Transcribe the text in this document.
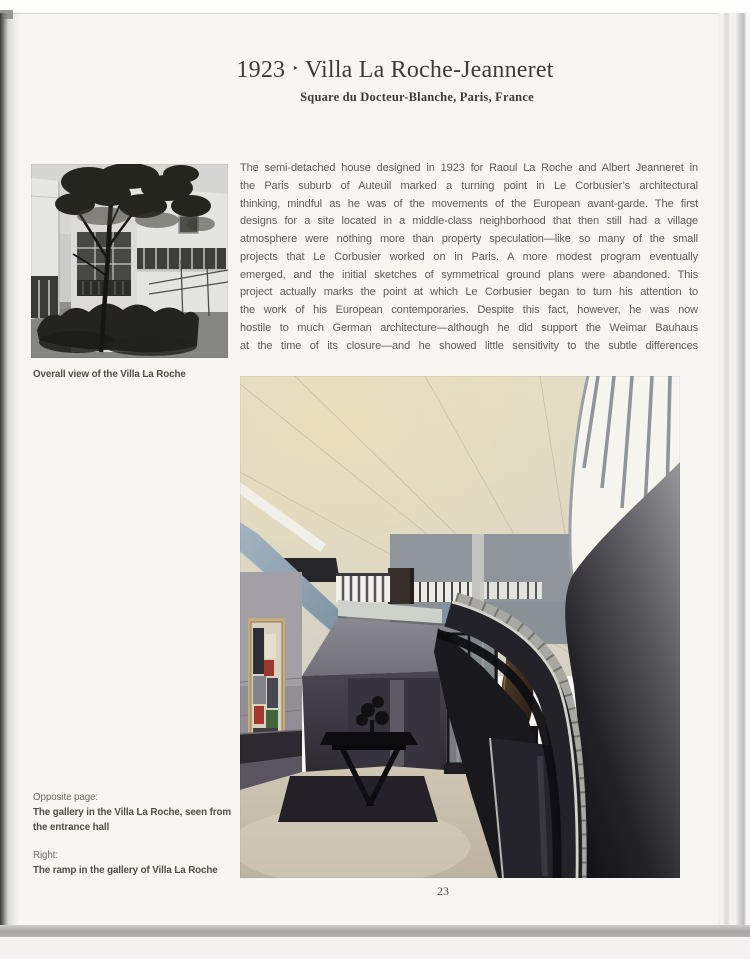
1923 ‣ Villa La Roche-Jeanneret
Square du Docteur-Blanche, Paris, France
The semi-detached house designed in 1923 for Raoul La Roche and Albert Jeanneret in
the Paris suburb of Auteuil marked a turning point in Le Corbusier’s architectural
thinking, mindful as he was of the movements of the European avant-garde. The first
designs for a site located in a middle-class neighborhood that then still had a village
atmosphere were nothing more than property speculation—like so many of the small
projects that Le Corbusier worked on in Paris. A more modest program eventually
emerged, and the initial sketches of symmetrical ground plans were abandoned. This
project actually marks the point at which Le Corbusier began to turn his attention to
the work of his European contemporaries. Despite this fact, however, he was now
hostile to much German architecture—although he did support the Weimar Bauhaus
at the time of its closure—and he showed little sensitivity to the subtle differences
Overall view of the Villa La Roche
Opposite page:
The gallery in the Villa La Roche, seen from
the entrance hall
Right:
The ramp in the gallery of Villa La Roche
23
